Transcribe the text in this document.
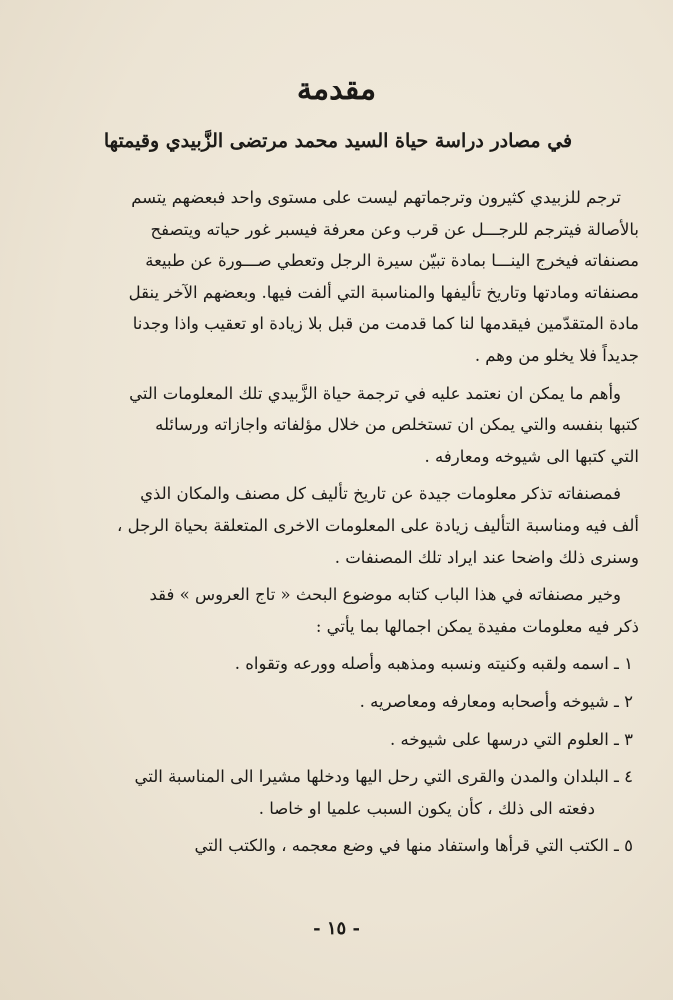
مقدمة
في مصادر دراسة حياة السيد محمد مرتضى الزَّبيدي وقيمتها
ترجم للزبيدي كثيرون وترجماتهم ليست على مستوى واحد فبعضهم يتسم
بالأصالة فيترجم للرجـــل عن قرب وعن معرفة فيسبر غور حياته ويتصفح
مصنفاته فيخرج الينـــا بمادة تبيّن سيرة الرجل وتعطي صـــورة عن طبيعة
مصنفاته ومادتها وتاريخ تأليفها والمناسبة التي ألفت فيها. وبعضهم الآخر ينقل
مادة المتقدّمين فيقدمها لنا كما قدمت من قبل بلا زيادة او تعقيب واذا وجدنا
جديداً فلا يخلو من وهم .
وأهم ما يمكن ان نعتمد عليه في ترجمة حياة الزَّبيدي تلك المعلومات التي
كتبها بنفسه والتي يمكن ان تستخلص من خلال مؤلفاته واجازاته ورسائله
التي كتبها الى شيوخه ومعارفه .
فمصنفاته تذكر معلومات جيدة عن تاريخ تأليف كل مصنف والمكان الذي
ألف فيه ومناسبة التأليف زيادة على المعلومات الاخرى المتعلقة بحياة الرجل ،
وسنرى ذلك واضحا عند ايراد تلك المصنفات .
وخير مصنفاته في هذا الباب كتابه موضوع البحث « تاج العروس » فقد
ذكر فيه معلومات مفيدة يمكن اجمالها بما يأتي :
١ ـ اسمه ولقبه وكنيته ونسبه ومذهبه وأصله وورعه وتقواه .
٢ ـ شيوخه وأصحابه ومعارفه ومعاصريه .
٣ ـ العلوم التي درسها على شيوخه .
٤ ـ البلدان والمدن والقرى التي رحل اليها ودخلها مشيرا الى المناسبة التي
دفعته الى ذلك ، كأن يكون السبب علميا او خاصا .
٥ ـ الكتب التي قرأها واستفاد منها في وضع معجمه ، والكتب التي
- ١٥ -
